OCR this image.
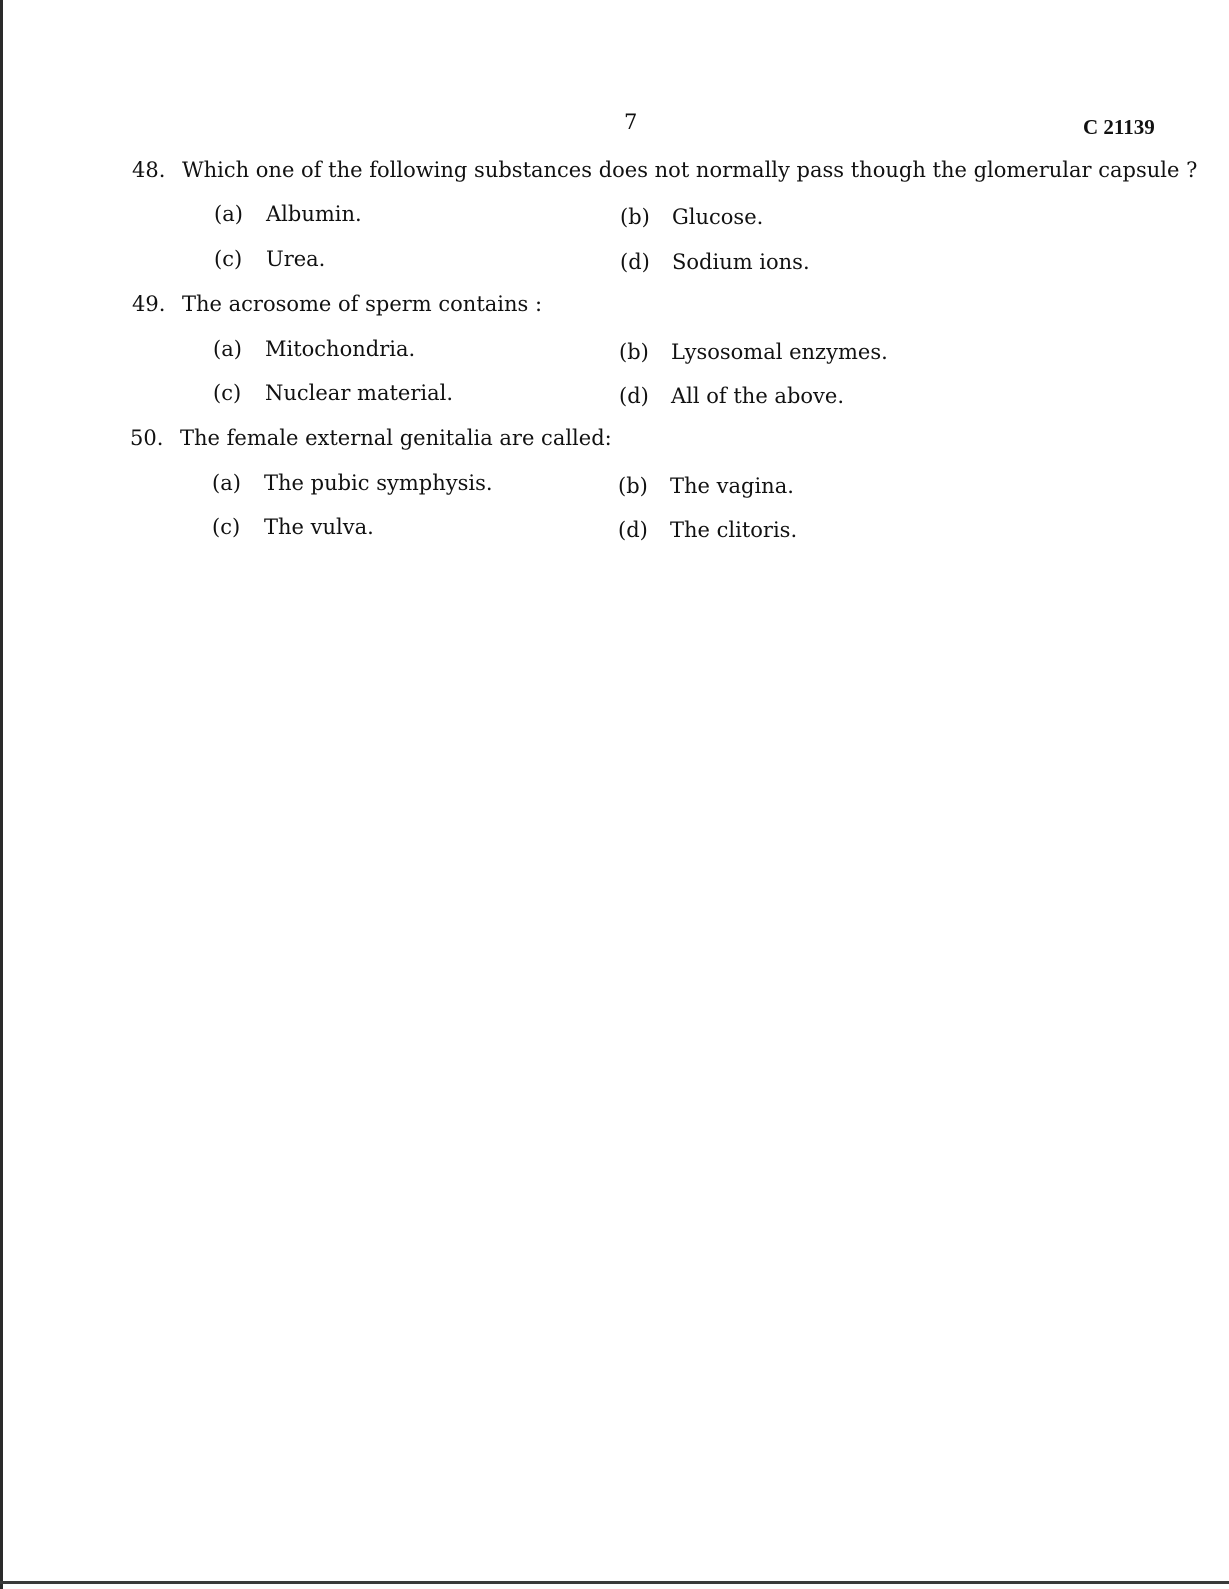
7	C 21139
48. Which one of the following substances does not normally pass though the glomerular capsule ?
(a) Albumin.	(b) Glucose.
(c) Urea.	(d) Sodium ions.
49. The acrosome of sperm contains :
(a) Mitochondria.	(b) Lysosomal enzymes.
(c) Nuclear material.	(d) All of the above.
50. The female external genitalia are called:
(a) The pubic symphysis.	(b) The vagina.
(c) The vulva.	(d) The clitoris.
